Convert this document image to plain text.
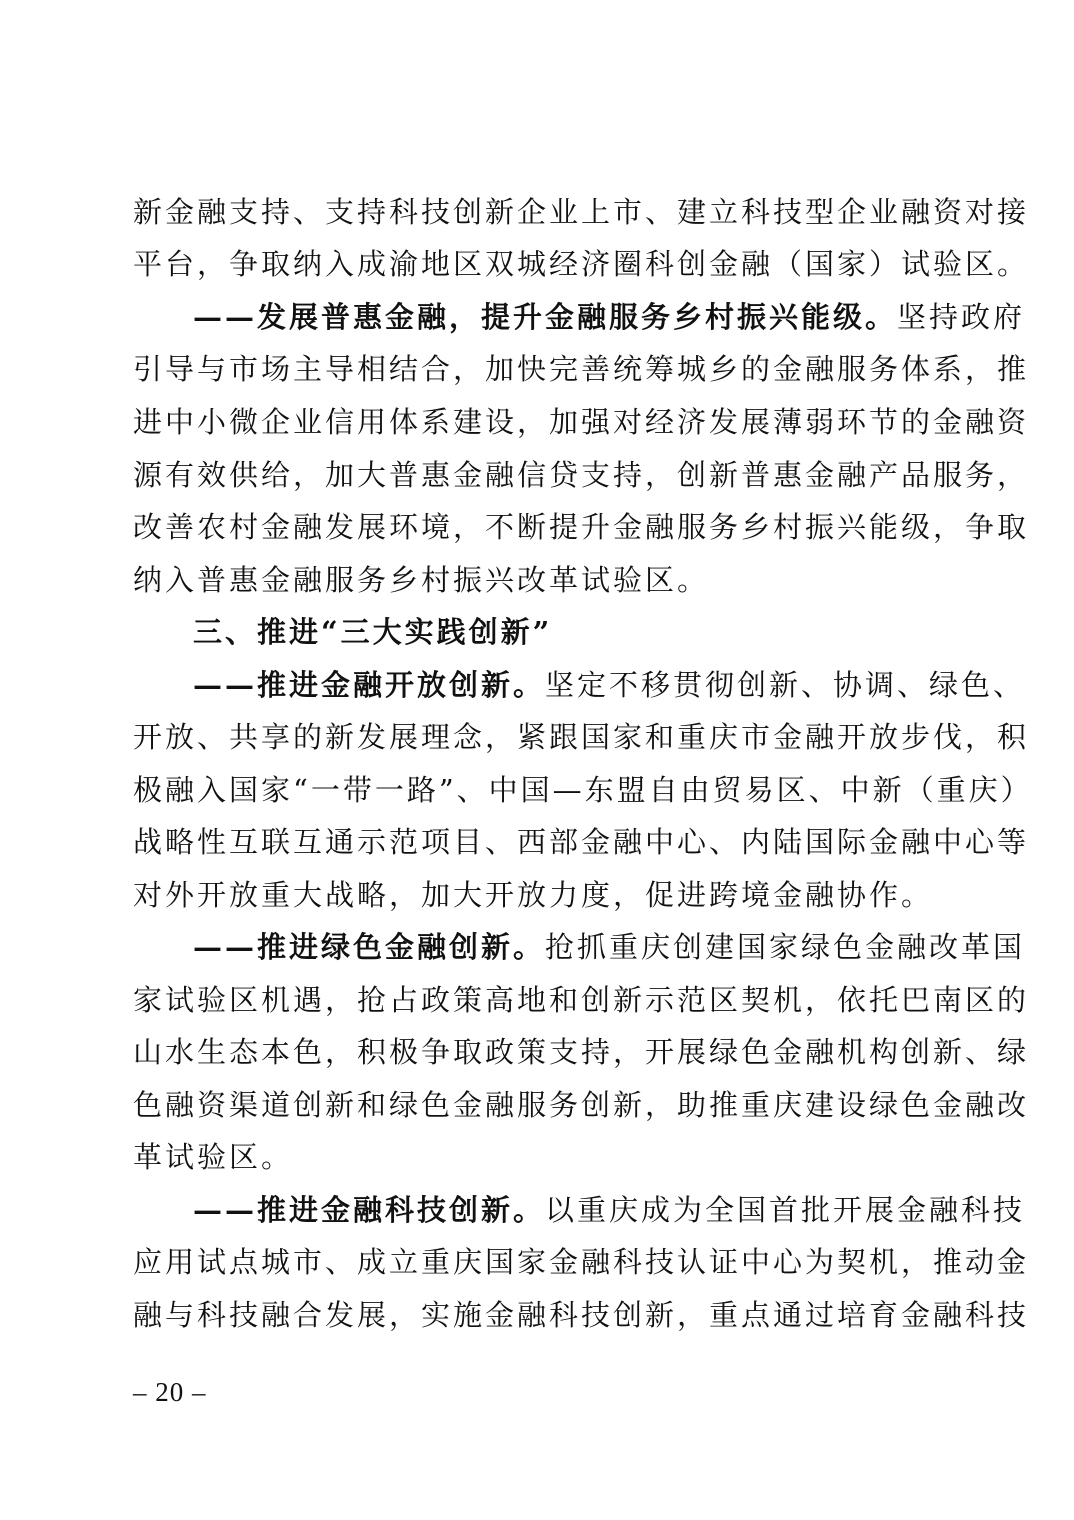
新金融支持、支持科技创新企业上市、建立科技型企业融资对接
平台，争取纳入成渝地区双城经济圈科创金融（国家）试验区。
——发展普惠金融，提升金融服务乡村振兴能级。坚持政府
引导与市场主导相结合，加快完善统筹城乡的金融服务体系，推
进中小微企业信用体系建设，加强对经济发展薄弱环节的金融资
源有效供给，加大普惠金融信贷支持，创新普惠金融产品服务，
改善农村金融发展环境，不断提升金融服务乡村振兴能级，争取
纳入普惠金融服务乡村振兴改革试验区。
三、推进“三大实践创新”
——推进金融开放创新。坚定不移贯彻创新、协调、绿色、
开放、共享的新发展理念，紧跟国家和重庆市金融开放步伐，积
极融入国家“一带一路”、中国—东盟自由贸易区、中新（重庆）
战略性互联互通示范项目、西部金融中心、内陆国际金融中心等
对外开放重大战略，加大开放力度，促进跨境金融协作。
——推进绿色金融创新。抢抓重庆创建国家绿色金融改革国
家试验区机遇，抢占政策高地和创新示范区契机，依托巴南区的
山水生态本色，积极争取政策支持，开展绿色金融机构创新、绿
色融资渠道创新和绿色金融服务创新，助推重庆建设绿色金融改
革试验区。
——推进金融科技创新。以重庆成为全国首批开展金融科技
应用试点城市、成立重庆国家金融科技认证中心为契机，推动金
融与科技融合发展，实施金融科技创新，重点通过培育金融科技
– 20 –
